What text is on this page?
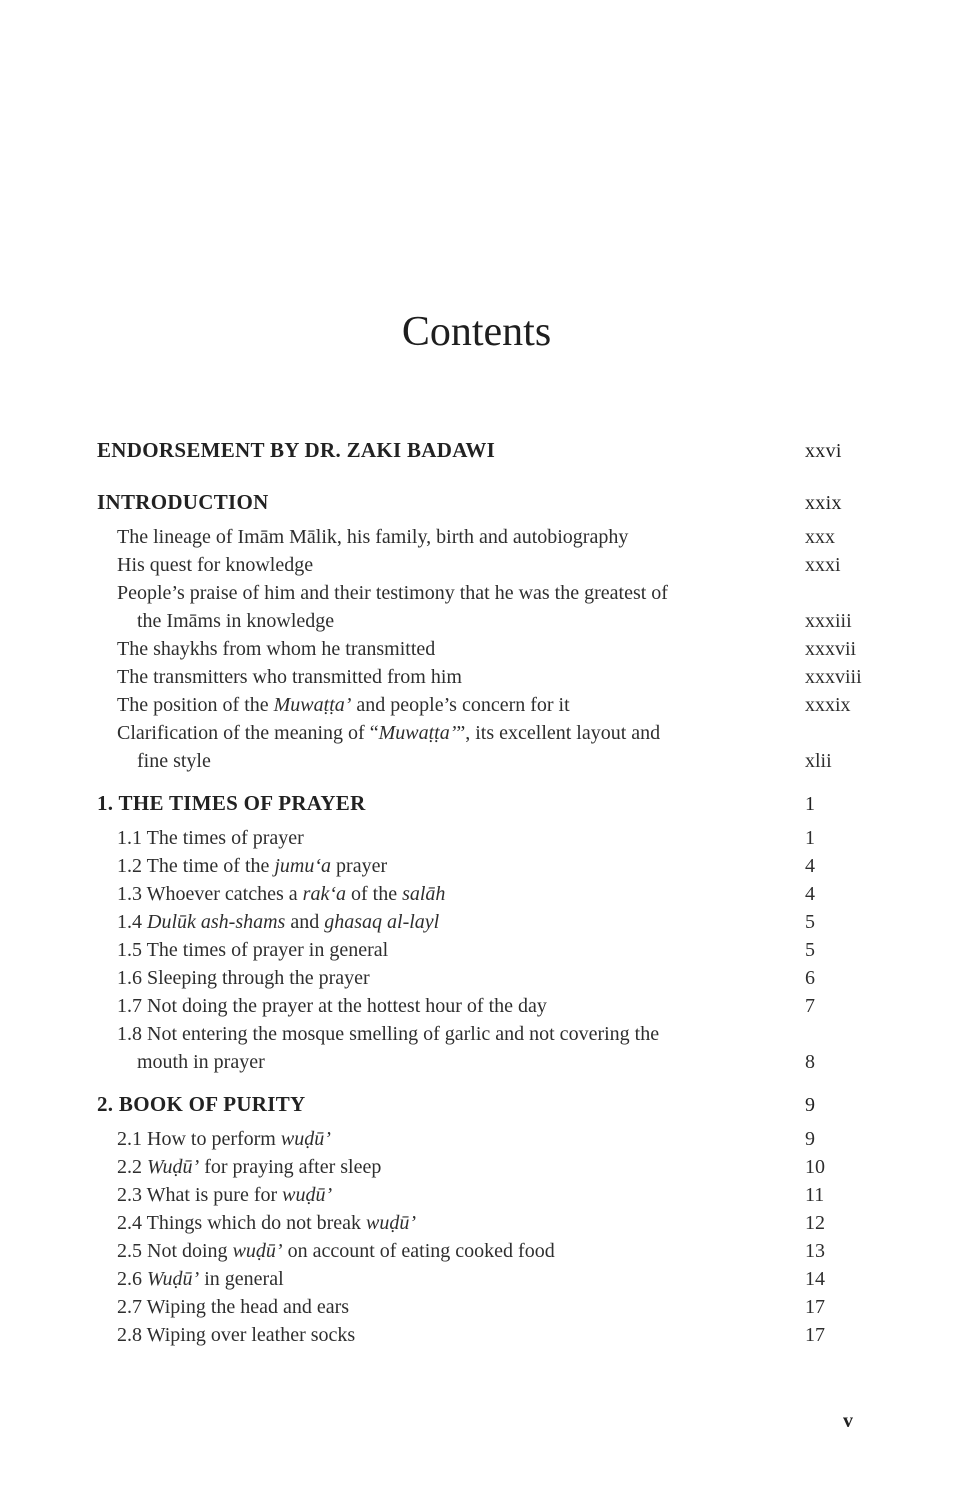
Contents
ENDORSEMENT BY DR. ZAKI BADAWI	xxvi
INTRODUCTION	xxix
The lineage of Imām Mālik, his family, birth and autobiography	xxx
His quest for knowledge	xxxi
People’s praise of him and their testimony that he was the greatest of
the Imāms in knowledge	xxxiii
The shaykhs from whom he transmitted	xxxvii
The transmitters who transmitted from him	xxxviii
The position of the Muwaṭṭa’ and people’s concern for it	xxxix
Clarification of the meaning of “Muwaṭṭa’”, its excellent layout and
fine style	xlii
1. THE TIMES OF PRAYER	1
1.1 The times of prayer	1
1.2 The time of the jumu‘a prayer	4
1.3 Whoever catches a rak‘a of the salāh	4
1.4 Dulūk ash-shams and ghasaq al-layl	5
1.5 The times of prayer in general	5
1.6 Sleeping through the prayer	6
1.7 Not doing the prayer at the hottest hour of the day	7
1.8 Not entering the mosque smelling of garlic and not covering the
mouth in prayer	8
2. BOOK OF PURITY	9
2.1 How to perform wuḍū’	9
2.2 Wuḍū’ for praying after sleep	10
2.3 What is pure for wuḍū’	11
2.4 Things which do not break wuḍū’	12
2.5 Not doing wuḍū’ on account of eating cooked food	13
2.6 Wuḍū’ in general	14
2.7 Wiping the head and ears	17
2.8 Wiping over leather socks	17
v
